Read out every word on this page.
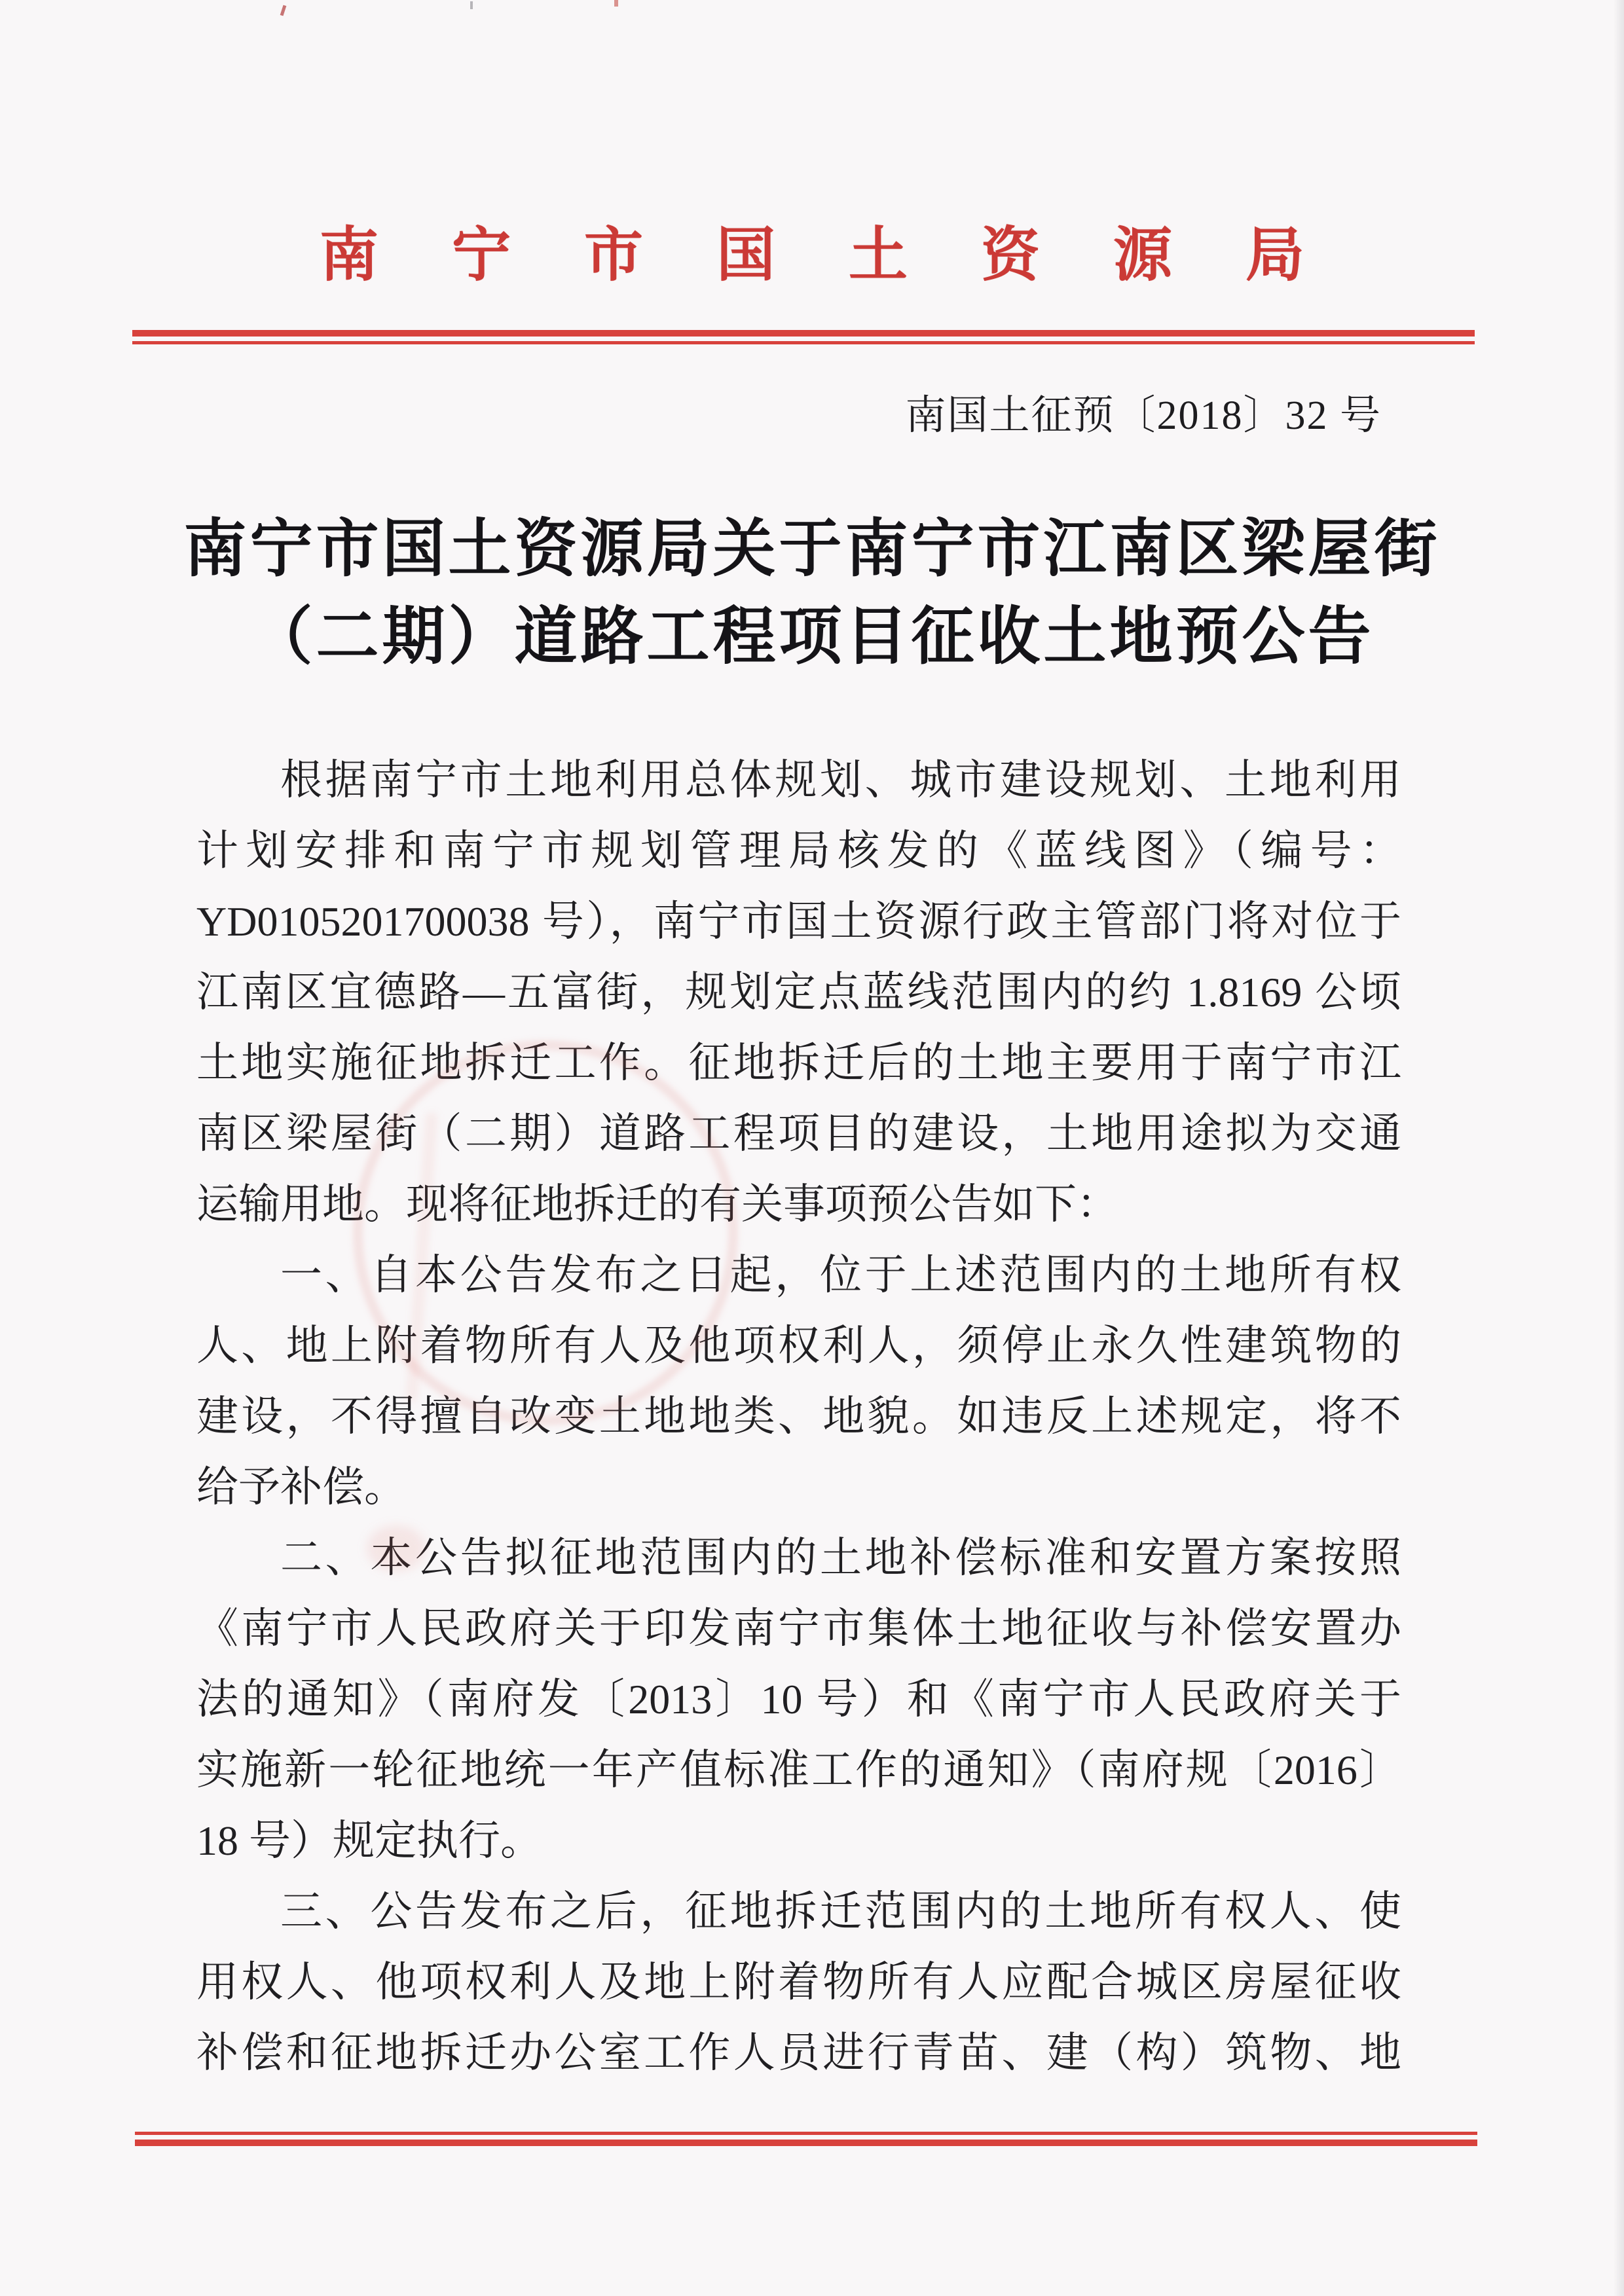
南宁市国土资源局
南国土征预〔2018〕32 号
南宁市国土资源局关于南宁市江南区梁屋街
（二期）道路工程项目征收土地预公告
根据南宁市土地利用总体规划、城市建设规划、土地利用
计划安排和南宁市规划管理局核发的《蓝线图》（编号：
YD0105201700038 号），南宁市国土资源行政主管部门将对位于
江南区宜德路—五富街，规划定点蓝线范围内的约 1.8169 公顷
土地实施征地拆迁工作。征地拆迁后的土地主要用于南宁市江
南区梁屋街（二期）道路工程项目的建设，土地用途拟为交通
运输用地。现将征地拆迁的有关事项预公告如下：
一、自本公告发布之日起，位于上述范围内的土地所有权
人、地上附着物所有人及他项权利人，须停止永久性建筑物的
建设，不得擅自改变土地地类、地貌。如违反上述规定，将不
给予补偿。
二、本公告拟征地范围内的土地补偿标准和安置方案按照
《南宁市人民政府关于印发南宁市集体土地征收与补偿安置办
法的通知》（南府发〔2013〕10 号）和《南宁市人民政府关于
实施新一轮征地统一年产值标准工作的通知》（南府规〔2016〕
18 号）规定执行。
三、公告发布之后，征地拆迁范围内的土地所有权人、使
用权人、他项权利人及地上附着物所有人应配合城区房屋征收
补偿和征地拆迁办公室工作人员进行青苗、建（构）筑物、地
